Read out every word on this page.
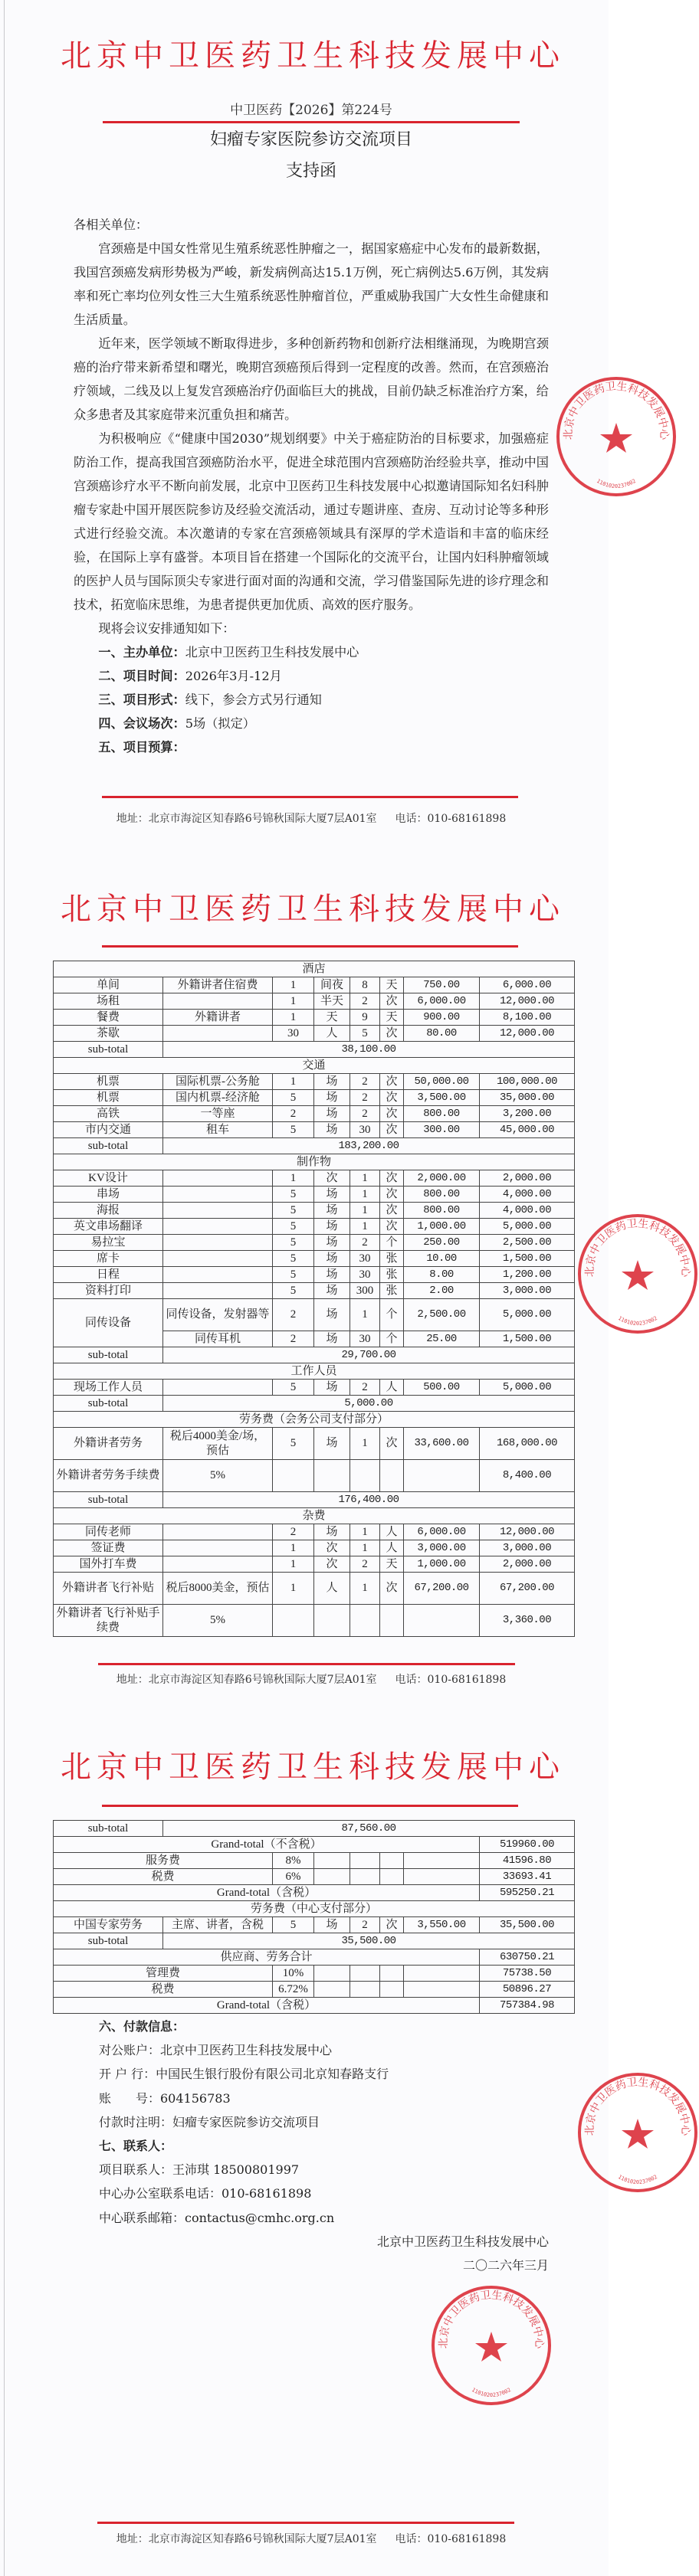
北京中卫医药卫生科技发展中心
中卫医药【2026】第224号
妇瘤专家医院参访交流项目
支持函

各相关单位：

宫颈癌是中国女性常见生殖系统恶性肿瘤之一，据国家癌症中心发布的最新数据，我国宫颈癌发病形势极为严峻，新发病例高达15.1万例，死亡病例达5.6万例，其发病率和死亡率均位列女性三大生殖系统恶性肿瘤首位，严重威胁我国广大女性生命健康和生活质量。

近年来，医学领域不断取得进步，多种创新药物和创新疗法相继涌现，为晚期宫颈癌的治疗带来新希望和曙光，晚期宫颈癌预后得到一定程度的改善。然而，在宫颈癌治疗领域，二线及以上复发宫颈癌治疗仍面临巨大的挑战，目前仍缺乏标准治疗方案，给众多患者及其家庭带来沉重负担和痛苦。

为积极响应《“健康中国2030”规划纲要》中关于癌症防治的目标要求，加强癌症防治工作，提高我国宫颈癌防治水平，促进全球范围内宫颈癌防治经验共享，推动中国宫颈癌诊疗水平不断向前发展，北京中卫医药卫生科技发展中心拟邀请国际知名妇科肿瘤专家赴中国开展医院参访及经验交流活动，通过专题讲座、查房、互动讨论等多种形式进行经验交流。本次邀请的专家在宫颈癌领域具有深厚的学术造诣和丰富的临床经验，在国际上享有盛誉。本项目旨在搭建一个国际化的交流平台，让国内妇科肿瘤领域的医护人员与国际顶尖专家进行面对面的沟通和交流，学习借鉴国际先进的诊疗理念和技术，拓宽临床思维，为患者提供更加优质、高效的医疗服务。

现将会议安排通知如下：

一、主办单位：北京中卫医药卫生科技发展中心

二、项目时间：2026年3月-12月

三、项目形式：线下，参会方式另行通知

四、会议场次：5场（拟定）

五、项目预算：

地址：北京市海淀区知春路6号锦秋国际大厦7层A01室 电话：010-68161898
北京中卫医药卫生科技发展中心
1101020237002
北京中卫医药卫生科技发展中心
酒店							
单间	外籍讲者住宿费	1	间夜	8	天	750.00	6,000.00
场租		1	半天	2	次	6,000.00	12,000.00
餐费	外籍讲者	1	天	9	天	900.00	8,100.00
茶歇		30	人	5	次	80.00	12,000.00
sub-total	38,100.00						
交通							
机票	国际机票-公务舱	1	场	2	次	50,000.00	100,000.00
机票	国内机票-经济舱	5	场	2	次	3,500.00	35,000.00
高铁	一等座	2	场	2	次	800.00	3,200.00
市内交通	租车	5	场	30	次	300.00	45,000.00
sub-total	183,200.00						
制作物							
KV设计		1	次	1	次	2,000.00	2,000.00
串场		5	场	1	次	800.00	4,000.00
海报		5	场	1	次	800.00	4,000.00
英文串场翻译		5	场	1	次	1,000.00	5,000.00
易拉宝		5	场	2	个	250.00	2,500.00
席卡		5	场	30	张	10.00	1,500.00
日程		5	场	30	张	8.00	1,200.00
资料打印		5	场	300	张	2.00	3,000.00
同传设备	同传设备，发射器等	2	场	1	个	2,500.00	5,000.00
	同传耳机	2	场	30	个	25.00	1,500.00
sub-total	29,700.00						
工作人员							
现场工作人员		5	场	2	人	500.00	5,000.00
sub-total	5,000.00						
劳务费（会务公司支付部分）							
外籍讲者劳务	税后4000美金/场，预估	5	场	1	次	33,600.00	168,000.00
外籍讲者劳务手续费	5%						8,400.00
sub-total	176,400.00						
杂费							
同传老师		2	场	1	人	6,000.00	12,000.00
签证费		1	次	1	人	3,000.00	3,000.00
国外打车费		1	次	2	天	1,000.00	2,000.00
外籍讲者飞行补贴	税后8000美金，预估	1	人	1	次	67,200.00	67,200.00
外籍讲者飞行补贴手续费	5%						3,360.00
地址：北京市海淀区知春路6号锦秋国际大厦7层A01室 电话：010-68161898
北京中卫医药卫生科技发展中心
1101020237002
北京中卫医药卫生科技发展中心
sub-total	87,560.00						
Grand-total（不含税）							519960.00
服务费		8%					41596.80
税费		6%					33693.41
Grand-total（含税）							595250.21
劳务费（中心支付部分）							
中国专家劳务	主席、讲者，含税	5	场	2	次	3,550.00	35,500.00
sub-total	35,500.00						
供应商、劳务合计							630750.21
管理费		10%					75738.50
税费		6.72%					50896.27
Grand-total（含税）							757384.98

六、付款信息：

对公账户：北京中卫医药卫生科技发展中心

开 户 行：中国民生银行股份有限公司北京知春路支行

账　　号：604156783

付款时注明：妇瘤专家医院参访交流项目

七、联系人：

项目联系人：王沛琪 18500801997

中心办公室联系电话：010-68161898

中心联系邮箱：contactus@cmhc.org.cn

北京中卫医药卫生科技发展中心
二〇二六年三月
地址：北京市海淀区知春路6号锦秋国际大厦7层A01室 电话：010-68161898
北京中卫医药卫生科技发展中心
1101020237002
北京中卫医药卫生科技发展中心
1101020237002
